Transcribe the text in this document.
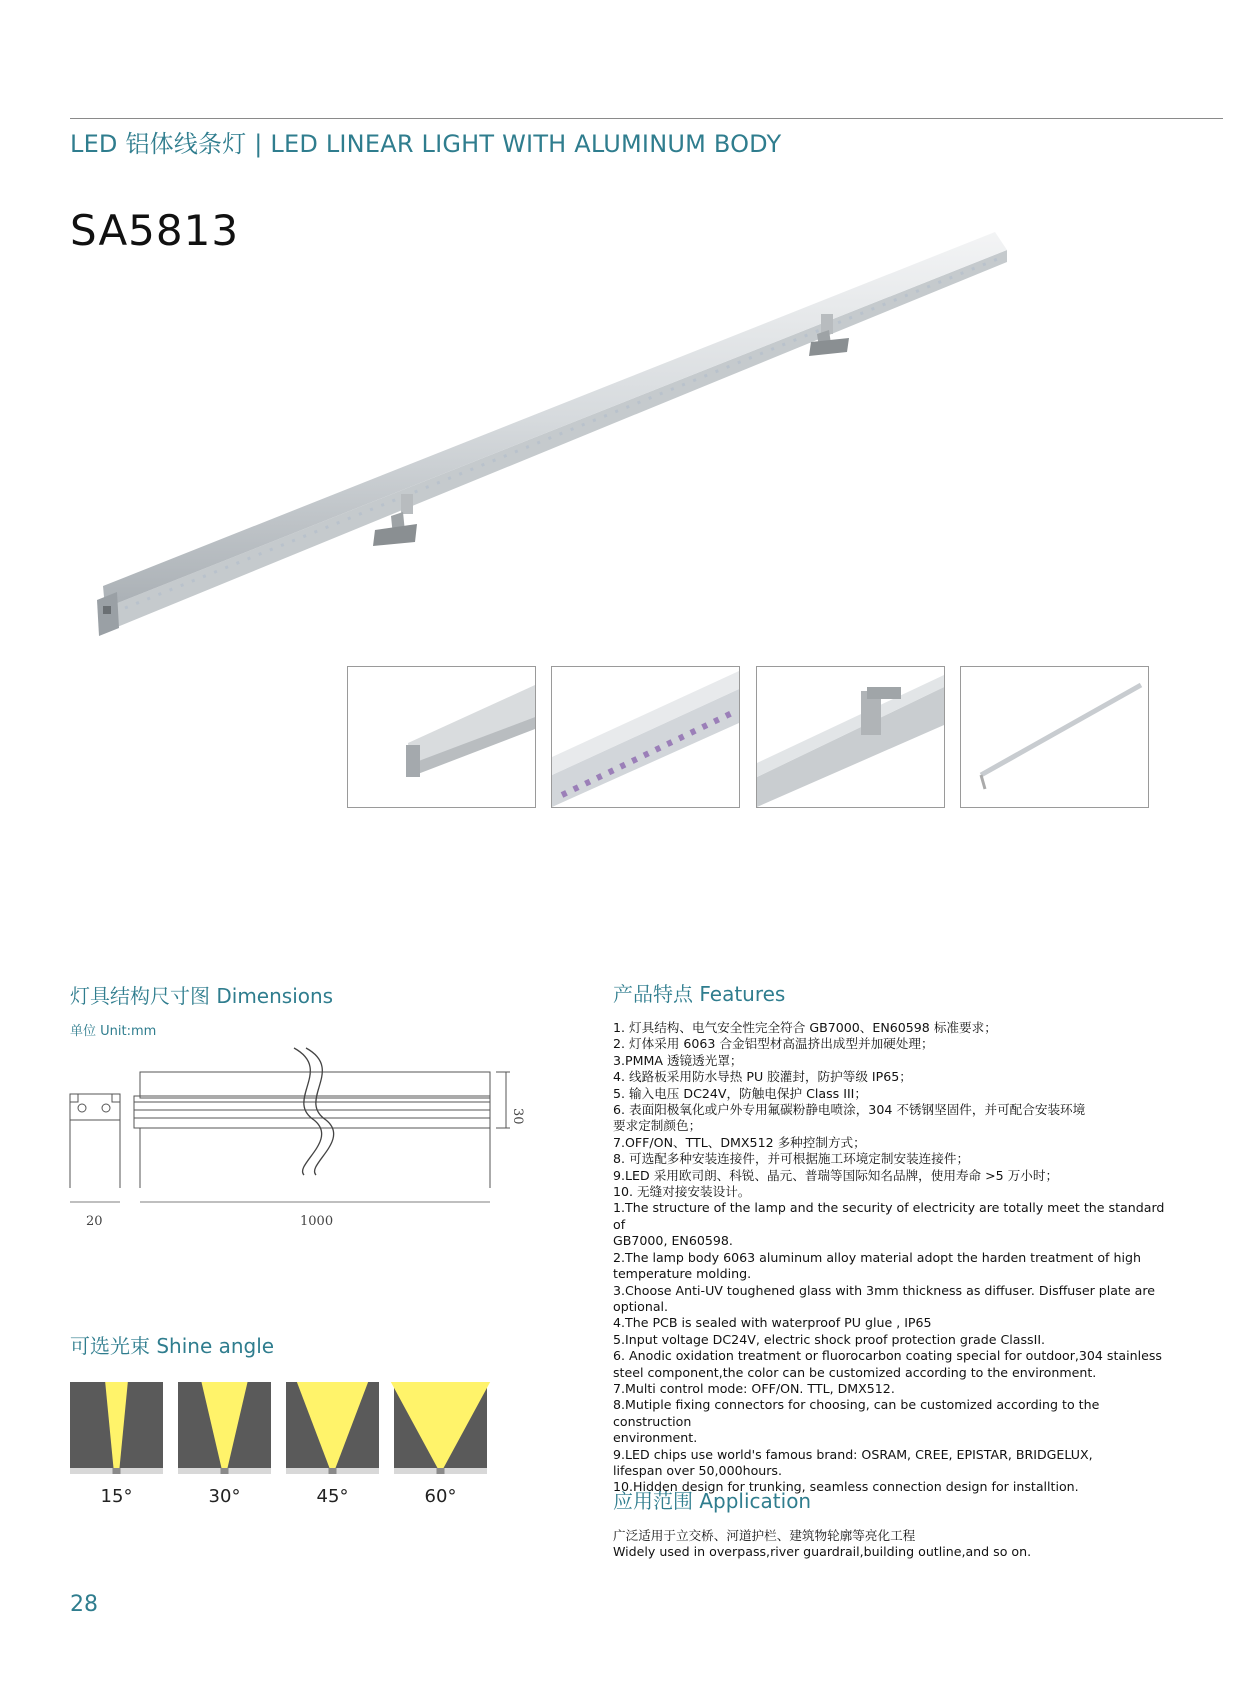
LED 铝体线条灯 | LED LINEAR LIGHT WITH ALUMINUM BODY
SA5813
灯具结构尺寸图 Dimensions
单位 Unit:mm
20	1000
30
可选光束 Shine angle
15°	30°	45°	60°
产品特点 Features

1. 灯具结构、电气安全性完全符合 GB7000、EN60598 标准要求；

2. 灯体采用 6063 合金铝型材高温挤出成型并加硬处理；

3.PMMA 透镜透光罩；

4. 线路板采用防水导热 PU 胶灌封，防护等级 IP65；

5. 输入电压 DC24V，防触电保护 Class III；

6. 表面阳极氧化或户外专用氟碳粉静电喷涂，304 不锈钢坚固件，并可配合安装环境

要求定制颜色；

7.OFF/ON、TTL、DMX512 多种控制方式；

8. 可选配多种安装连接件，并可根据施工环境定制安装连接件；

9.LED 采用欧司朗、科锐、晶元、普瑞等国际知名品牌，使用寿命 >5 万小时；

10. 无缝对接安装设计。

1.The structure of the lamp and the security of electricity are totally meet the standard of

GB7000, EN60598.

2.The lamp body 6063 aluminum alloy material adopt the harden treatment of high

temperature molding.

3.Choose Anti-UV toughened glass with 3mm thickness as diffuser. Disffuser plate are

optional.

4.The PCB is sealed with waterproof PU glue , IP65

5.Input voltage DC24V, electric shock proof protection grade ClassII.

6. Anodic oxidation treatment or fluorocarbon coating special for outdoor,304 stainless

steel component,the color can be customized according to the environment.

7.Multi control mode: OFF/ON. TTL, DMX512.

8.Mutiple fixing connectors for choosing, can be customized according to the construction

environment.

9.LED chips use world's famous brand: OSRAM, CREE, EPISTAR, BRIDGELUX,

lifespan over 50,000hours.

10.Hidden design for trunking, seamless connection design for installtion.

应用范围 Application
广泛适用于立交桥、河道护栏、建筑物轮廓等亮化工程
Widely used in overpass,river guardrail,building outline,and so on.
28
